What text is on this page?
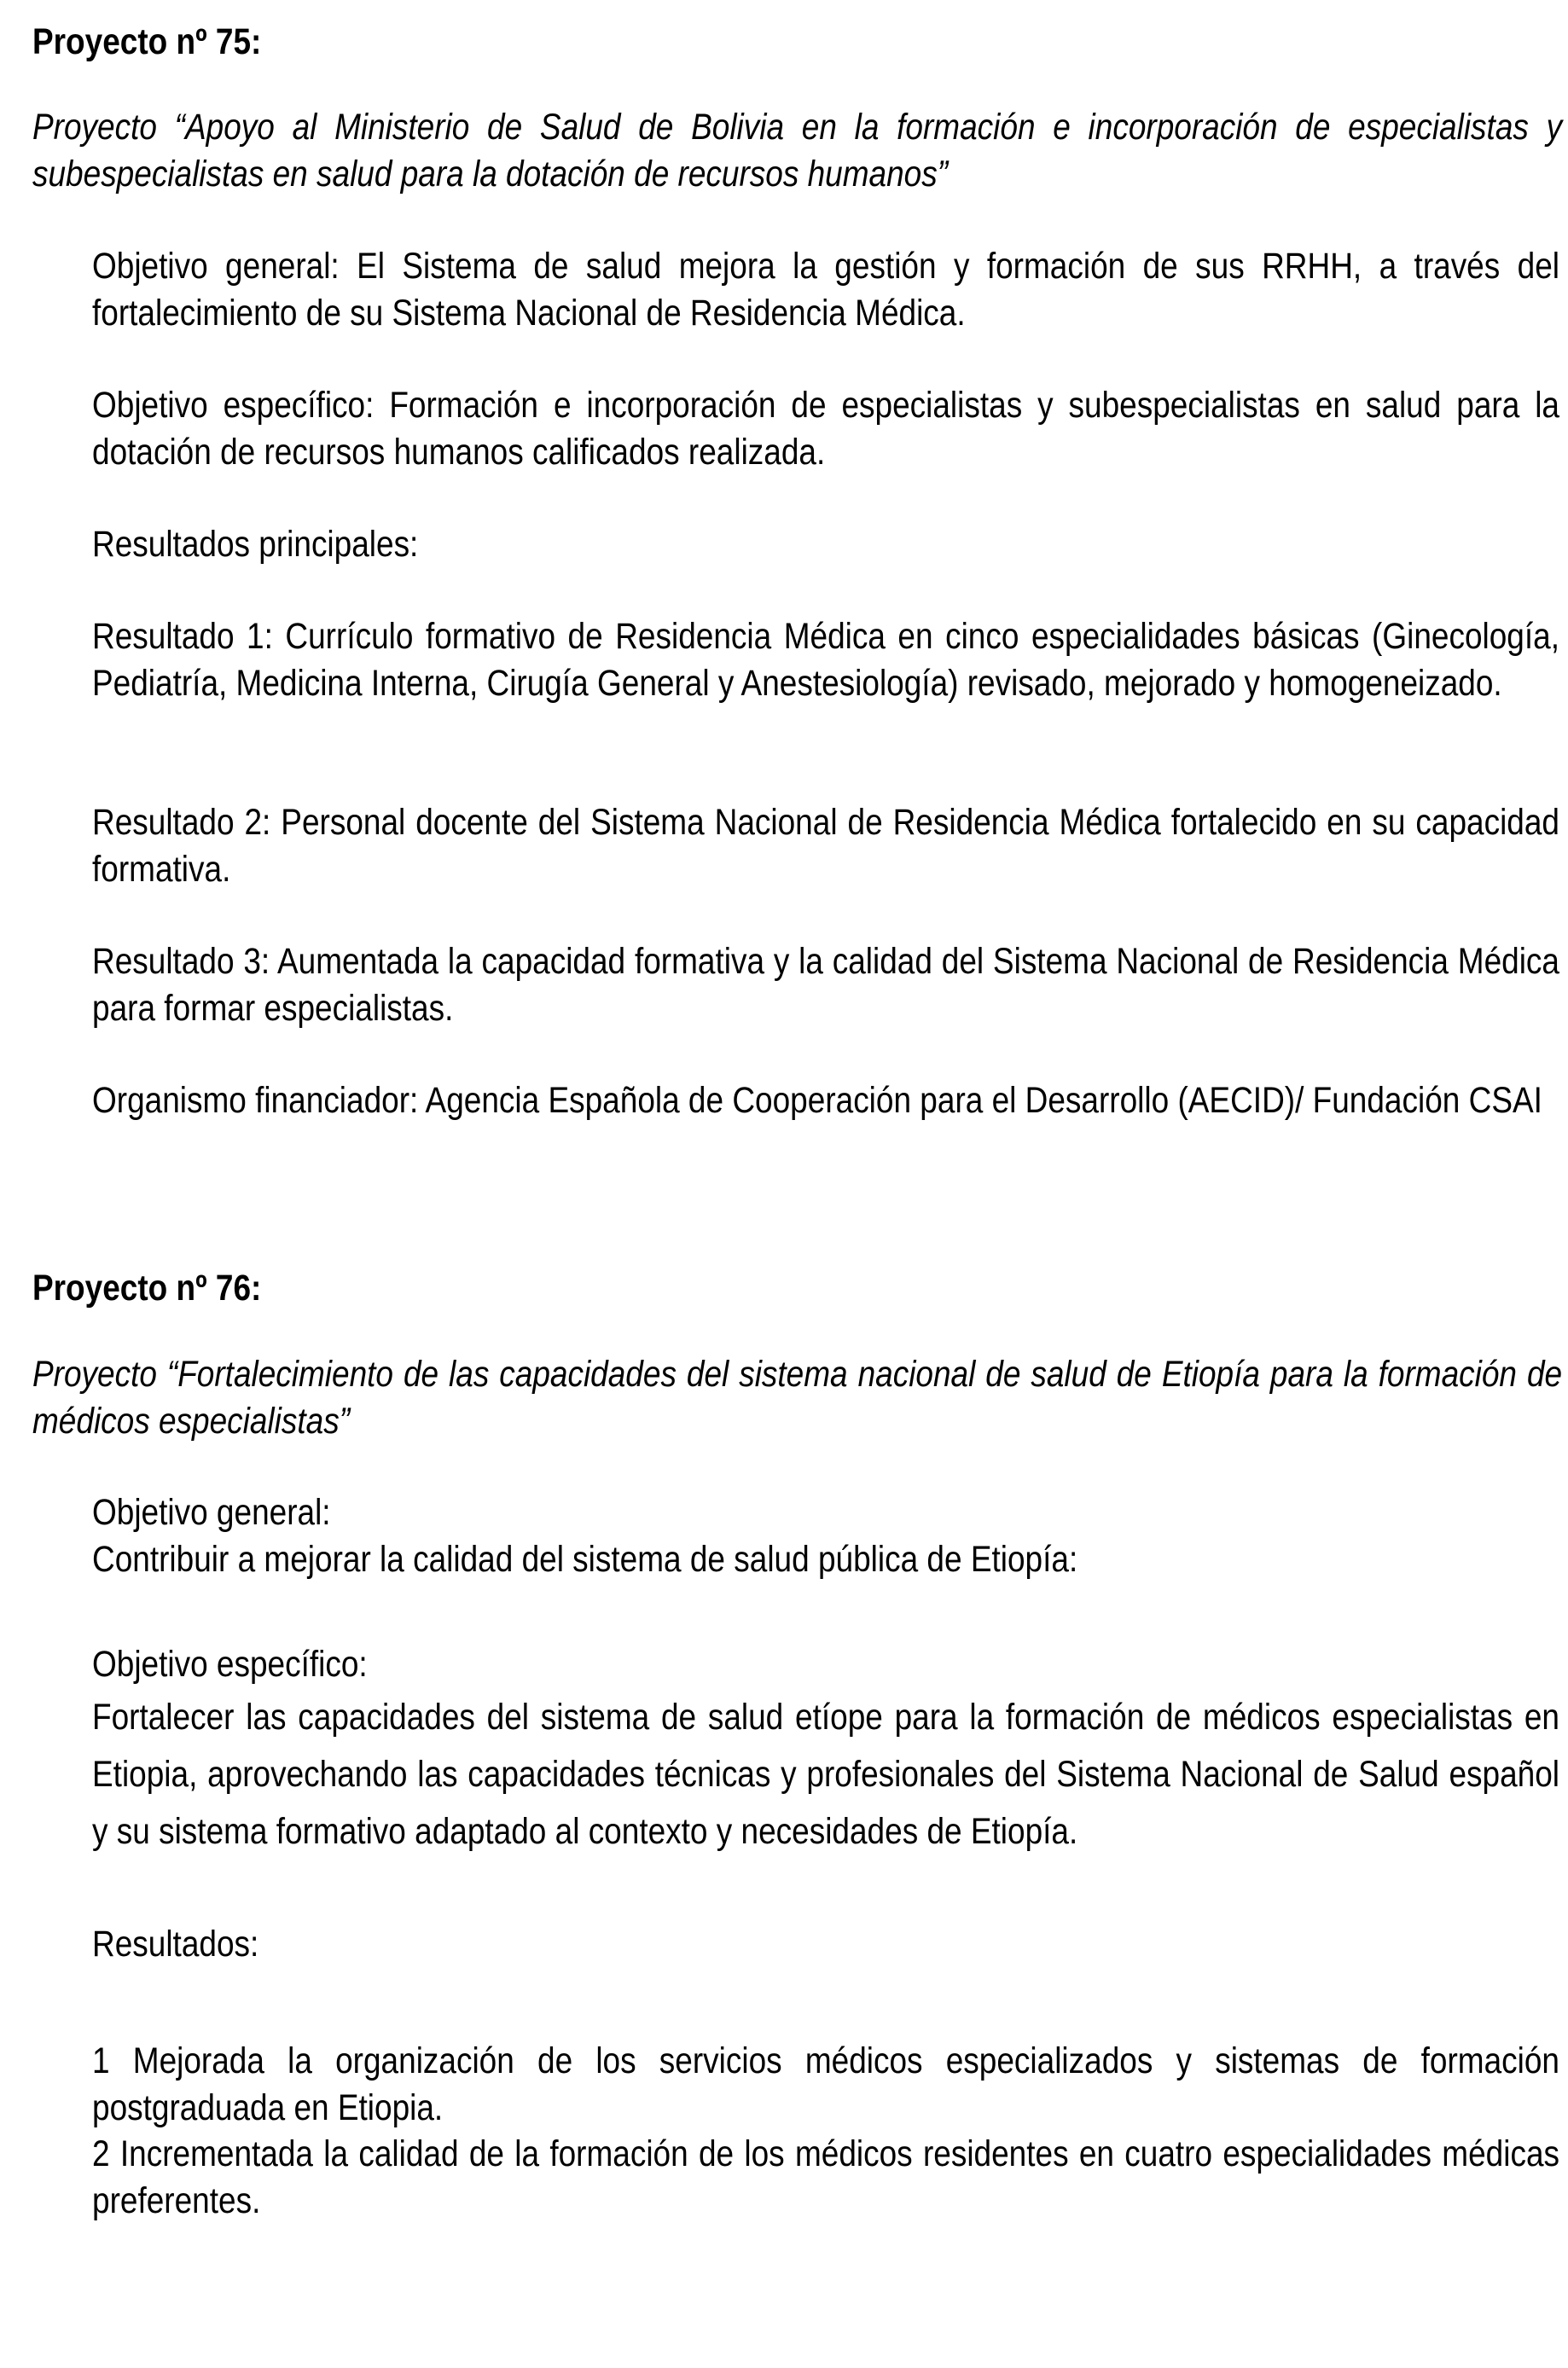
Proyecto nº 75:
Proyecto “Apoyo al Ministerio de Salud de Bolivia en la formación e incorporación de especialistas y subespecialistas en salud para la dotación de recursos humanos”
Objetivo general: El Sistema de salud mejora la gestión y formación de sus RRHH, a través del fortalecimiento de su Sistema Nacional de Residencia Médica.
Objetivo específico: Formación e incorporación de especialistas y subespecialistas en salud para la dotación de recursos humanos calificados realizada.
Resultados principales:
Resultado 1: Currículo formativo de Residencia Médica en cinco especialidades básicas (Ginecología, Pediatría, Medicina Interna, Cirugía General y Anestesiología) revisado, mejorado y homogeneizado.
Resultado 2: Personal docente del Sistema Nacional de Residencia Médica fortalecido en su capacidad formativa.
Resultado 3: Aumentada la capacidad formativa y la calidad del Sistema Nacional de Residencia Médica para formar especialistas.
Organismo financiador: Agencia Española de Cooperación para el Desarrollo (AECID)/ Fundación CSAI
Proyecto nº 76:
Proyecto “Fortalecimiento de las capacidades del sistema nacional de salud de Etiopía para la formación de médicos especialistas”
Objetivo general:
Contribuir a mejorar la calidad del sistema de salud pública de Etiopía:
Objetivo específico:
Fortalecer las capacidades del sistema de salud etíope para la formación de médicos especialistas en Etiopia, aprovechando las capacidades técnicas y profesionales del Sistema Nacional de Salud español y su sistema formativo adaptado al contexto y necesidades de Etiopía.
Resultados:
1 Mejorada la organización de los servicios médicos especializados y sistemas de formación postgraduada en Etiopia.
2 Incrementada la calidad de la formación de los médicos residentes en cuatro especialidades médicas preferentes.
